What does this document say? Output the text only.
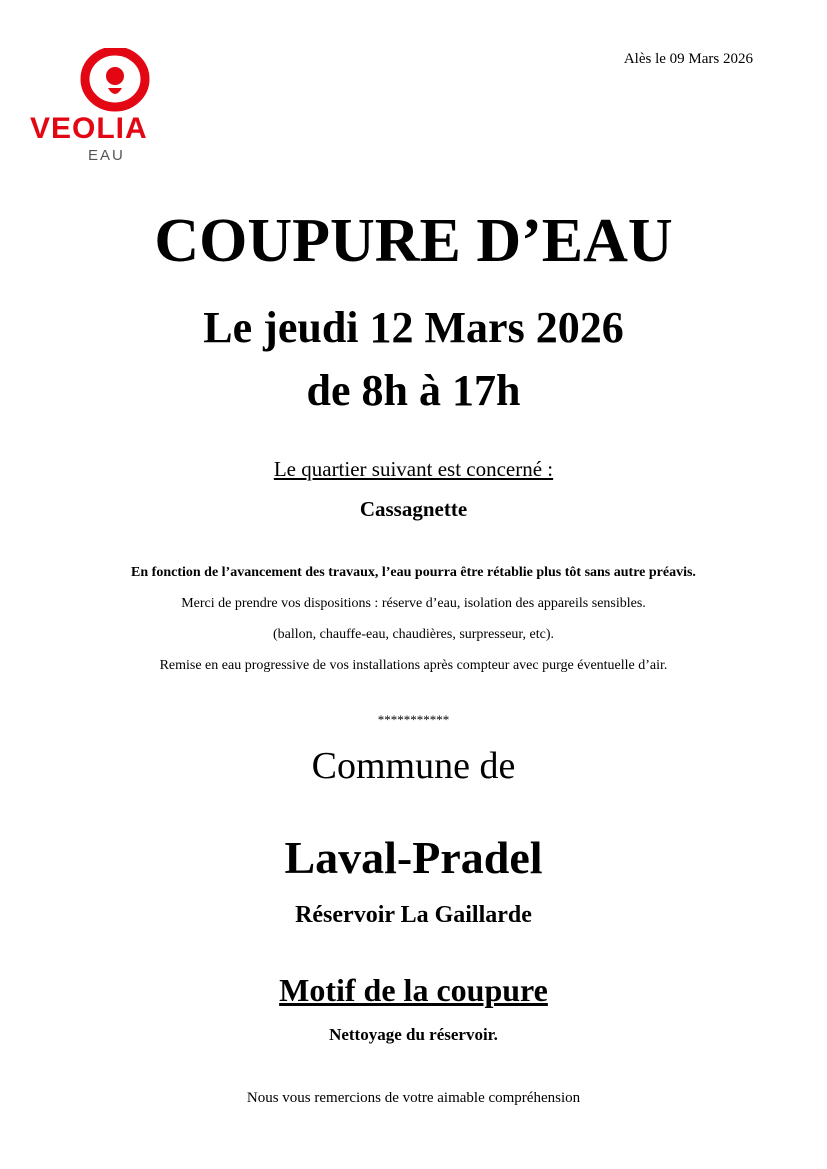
VEOLIA
EAU
Alès le 09 Mars 2026
COUPURE D’EAU
Le jeudi 12 Mars 2026
de 8h à 17h
Le quartier suivant est concerné :
Cassagnette
En fonction de l’avancement des travaux, l’eau pourra être rétablie plus tôt sans autre préavis.
Merci de prendre vos dispositions : réserve d’eau, isolation des appareils sensibles.
(ballon, chauffe-eau, chaudières, surpresseur, etc).
Remise en eau progressive de vos installations après compteur avec purge éventuelle d’air.
***********
Commune de
Laval-Pradel
Réservoir La Gaillarde
Motif de la coupure
Nettoyage du réservoir.
Nous vous remercions de votre aimable compréhension
